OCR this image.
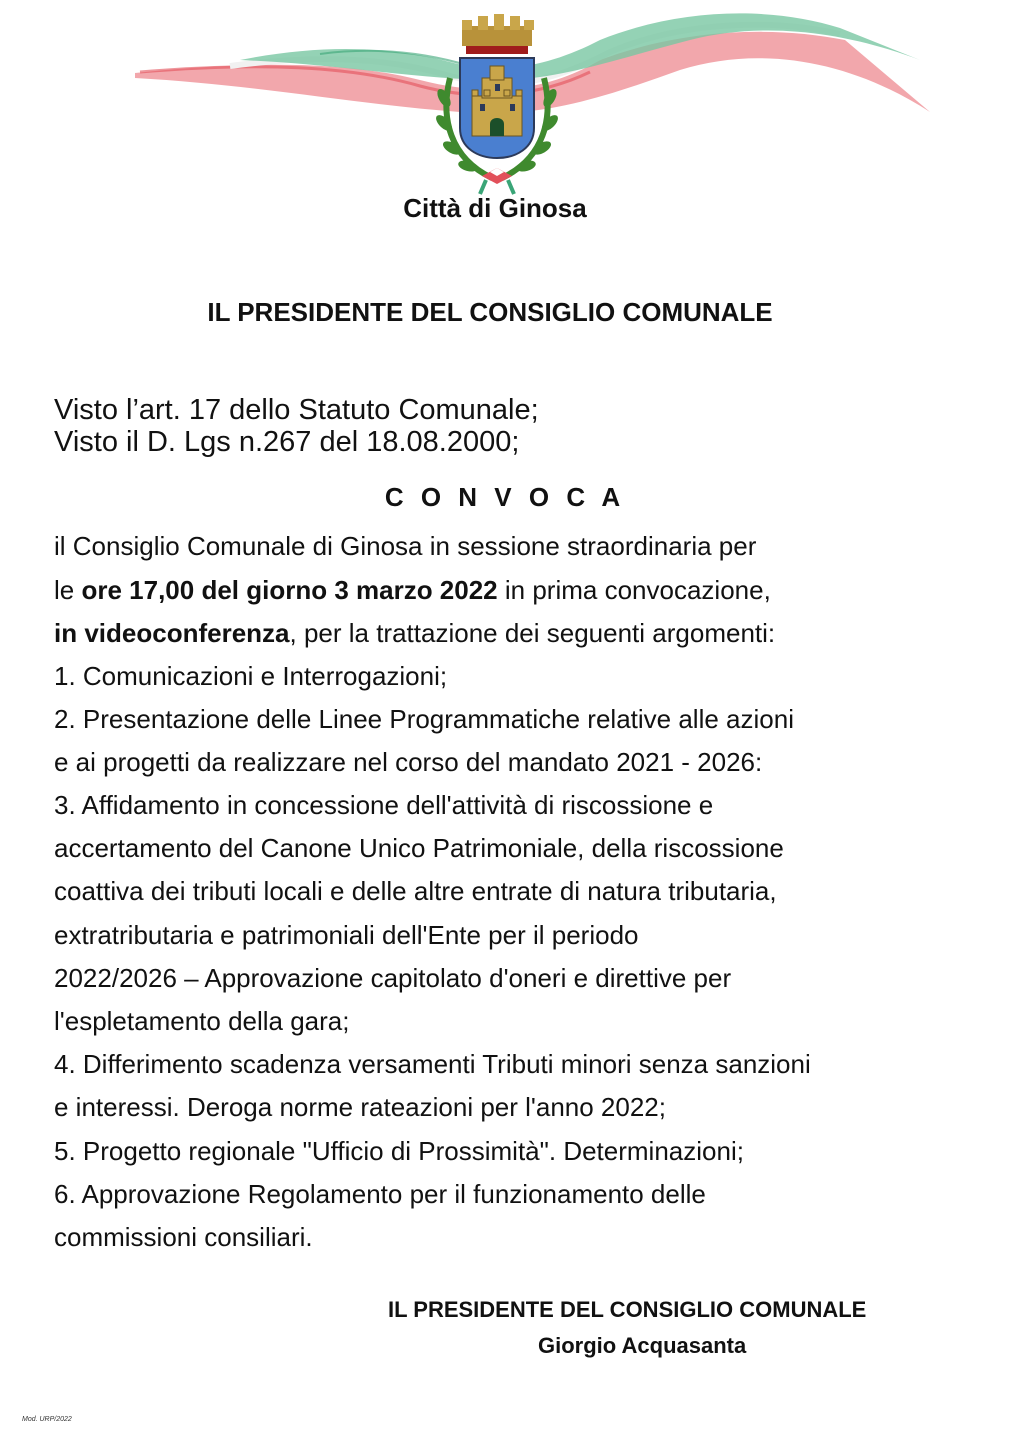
Città di Ginosa
IL PRESIDENTE DEL CONSIGLIO COMUNALE
Visto l’art. 17 dello Statuto Comunale;
Visto il D. Lgs n.267 del 18.08.2000;
C O N V O C A
il Consiglio Comunale di Ginosa in sessione straordinaria per
le ore 17,00 del giorno 3 marzo 2022 in prima convocazione,
in videoconferenza, per la trattazione dei seguenti argomenti:
1. Comunicazioni e Interrogazioni;
2. Presentazione delle Linee Programmatiche relative alle azioni
e ai progetti da realizzare nel corso del mandato 2021 - 2026:
3. Affidamento in concessione dell'attività di riscossione e
accertamento del Canone Unico Patrimoniale, della riscossione
coattiva dei tributi locali e delle altre entrate di natura tributaria,
extratributaria e patrimoniali dell'Ente per il periodo
2022/2026 – Approvazione capitolato d'oneri e direttive per
l'espletamento della gara;
4. Differimento scadenza versamenti Tributi minori senza sanzioni
e interessi. Deroga norme rateazioni per l'anno 2022;
5. Progetto regionale "Ufficio di Prossimità". Determinazioni;
6. Approvazione Regolamento per il funzionamento delle
commissioni consiliari.
IL PRESIDENTE DEL CONSIGLIO COMUNALE
Giorgio Acquasanta
Mod. URP/2022
